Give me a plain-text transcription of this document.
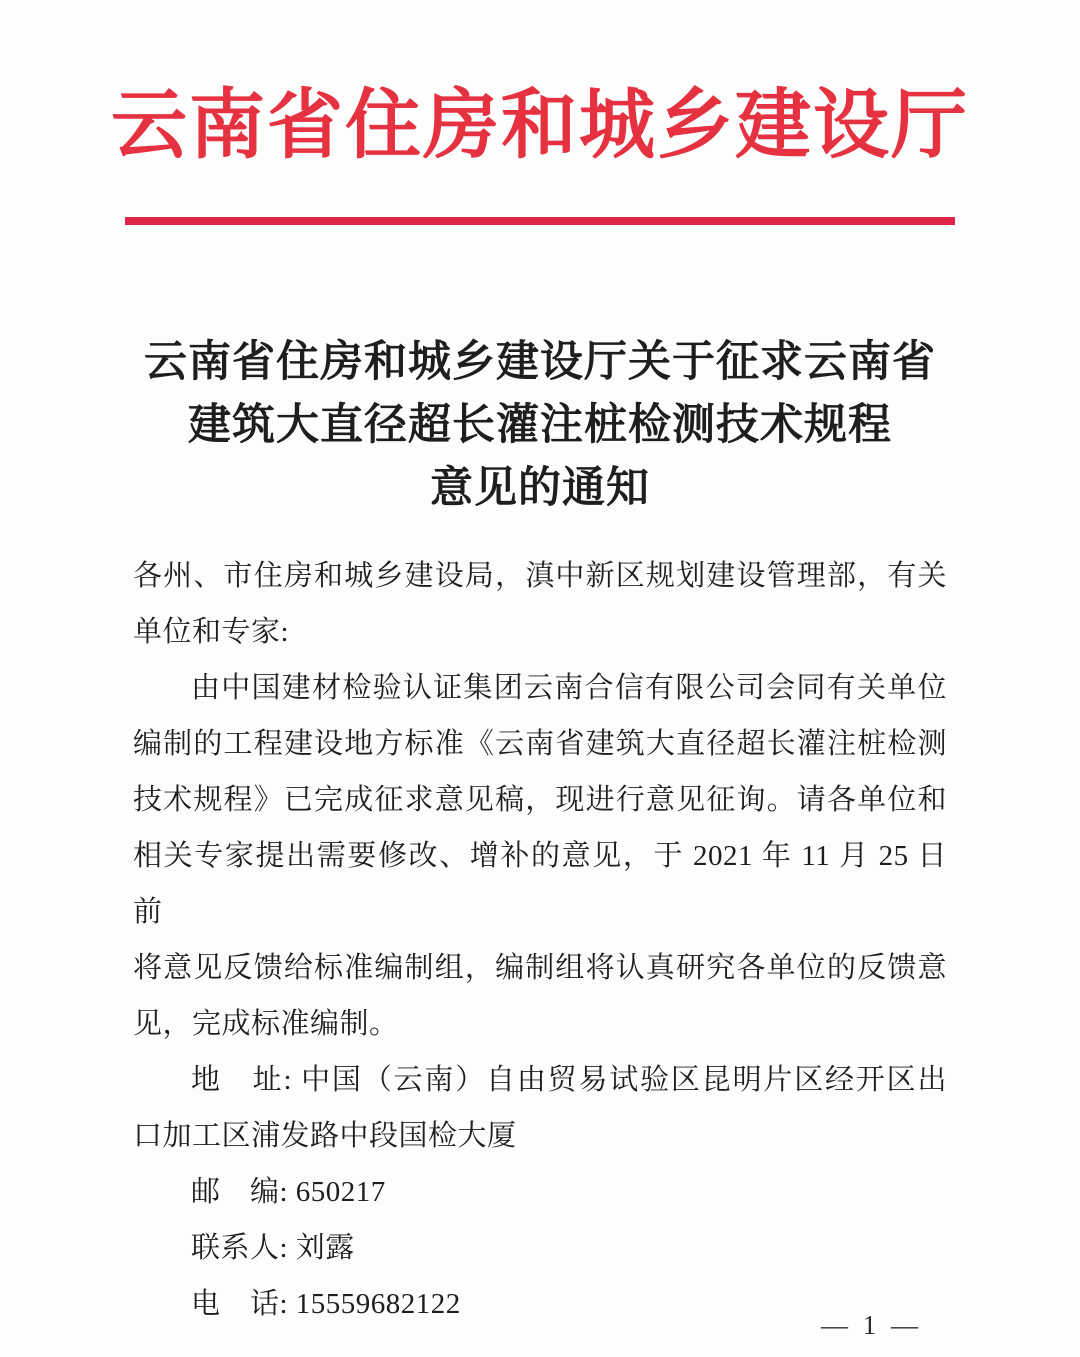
云南省住房和城乡建设厅
云南省住房和城乡建设厅关于征求云南省
建筑大直径超长灌注桩检测技术规程
意见的通知
各州、市住房和城乡建设局，滇中新区规划建设管理部，有关
单位和专家:
由中国建材检验认证集团云南合信有限公司会同有关单位
编制的工程建设地方标准《云南省建筑大直径超长灌注桩检测
技术规程》已完成征求意见稿，现进行意见征询。请各单位和
相关专家提出需要修改、增补的意见，于 2021 年 11 月 25 日前
将意见反馈给标准编制组，编制组将认真研究各单位的反馈意
见，完成标准编制。
地　址: 中国（云南）自由贸易试验区昆明片区经开区出
口加工区浦发路中段国检大厦
邮　编: 650217
联系人: 刘露
电　话: 15559682122
— 1 —
